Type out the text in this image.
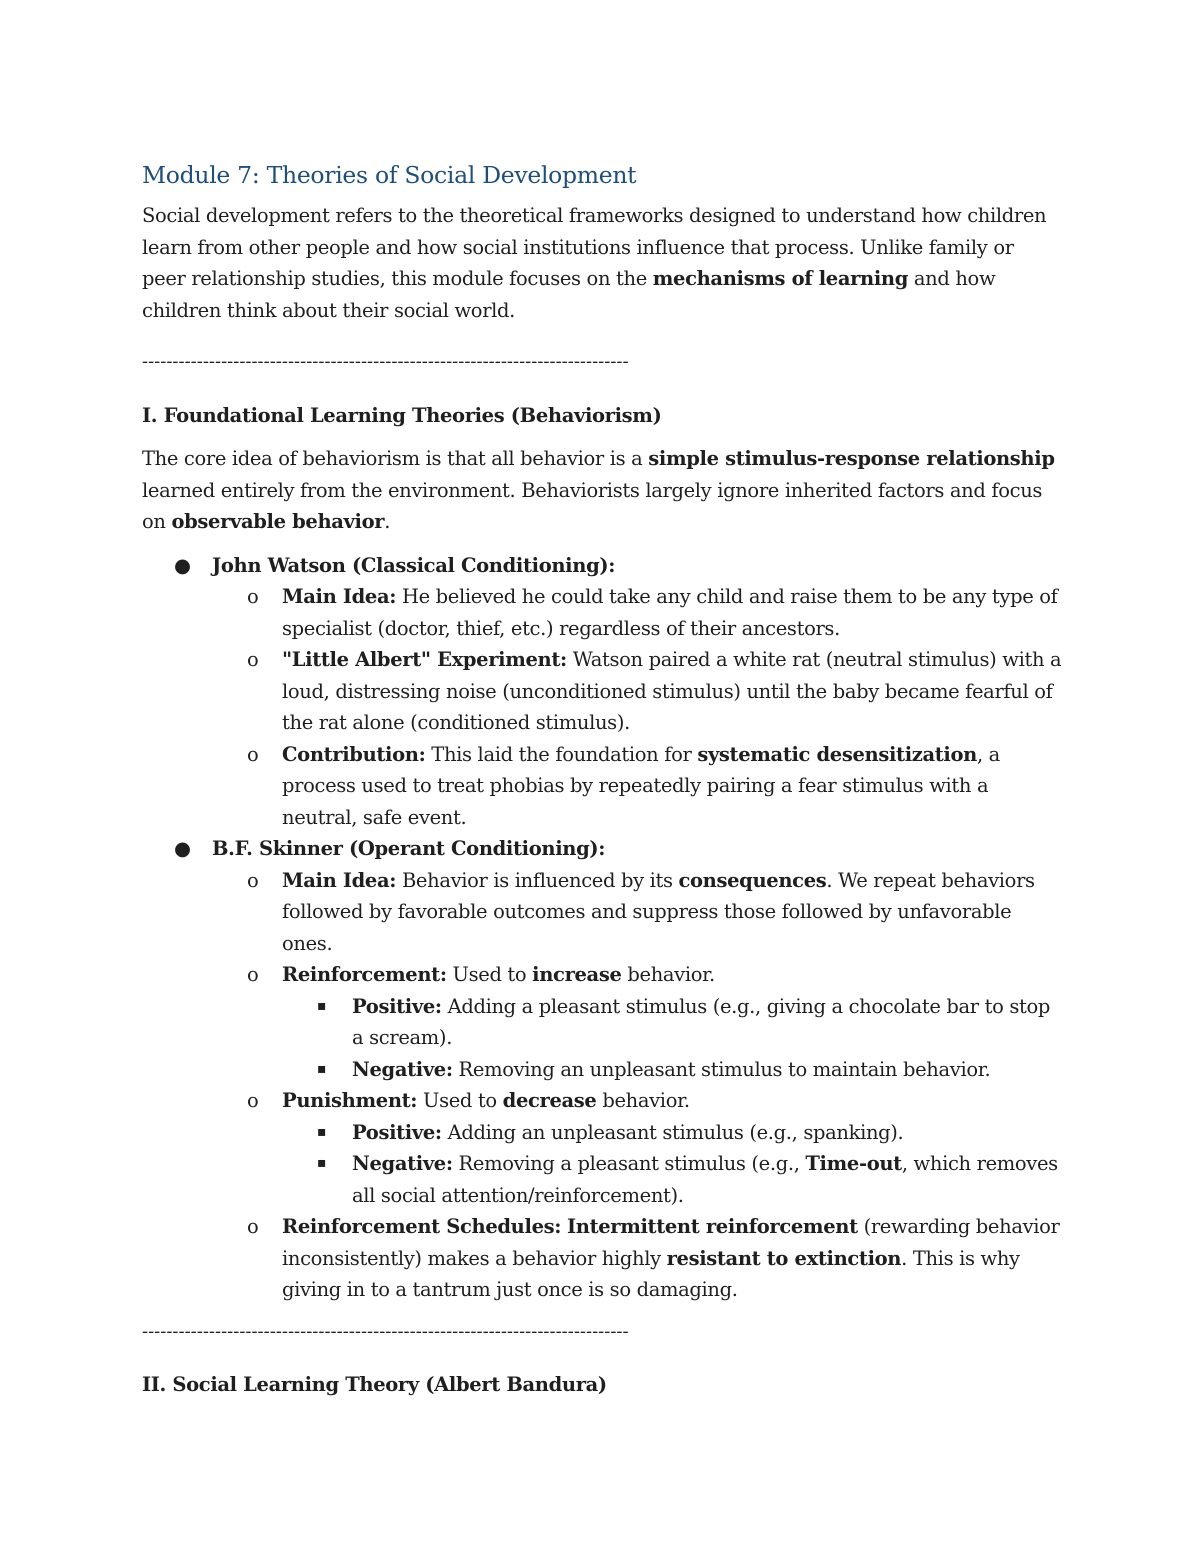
Module 7: Theories of Social Development

Social development refers to the theoretical frameworks designed to understand how children learn from other people and how social institutions influence that process. Unlike family or peer relationship studies, this module focuses on the mechanisms of learning and how children think about their social world.

--------------------------------------------------------------------------------
I. Foundational Learning Theories (Behaviorism)

The core idea of behaviorism is that all behavior is a simple stimulus-response relationship learned entirely from the environment. Behaviorists largely ignore inherited factors and focus on observable behavior.

● John Watson (Classical Conditioning):
o Main Idea: He believed he could take any child and raise them to be any type of specialist (doctor, thief, etc.) regardless of their ancestors.
o "Little Albert" Experiment: Watson paired a white rat (neutral stimulus) with a loud, distressing noise (unconditioned stimulus) until the baby became fearful of the rat alone (conditioned stimulus).
o Contribution: This laid the foundation for systematic desensitization, a process used to treat phobias by repeatedly pairing a fear stimulus with a neutral, safe event.
● B.F. Skinner (Operant Conditioning):
o Main Idea: Behavior is influenced by its consequences. We repeat behaviors followed by favorable outcomes and suppress those followed by unfavorable ones.
o Reinforcement: Used to increase behavior.
▪ Positive: Adding a pleasant stimulus (e.g., giving a chocolate bar to stop a scream).
▪ Negative: Removing an unpleasant stimulus to maintain behavior.
o Punishment: Used to decrease behavior.
▪ Positive: Adding an unpleasant stimulus (e.g., spanking).
▪ Negative: Removing a pleasant stimulus (e.g., Time-out, which removes all social attention/reinforcement).
o Reinforcement Schedules: Intermittent reinforcement (rewarding behavior inconsistently) makes a behavior highly resistant to extinction. This is why giving in to a tantrum just once is so damaging.
--------------------------------------------------------------------------------
II. Social Learning Theory (Albert Bandura)
